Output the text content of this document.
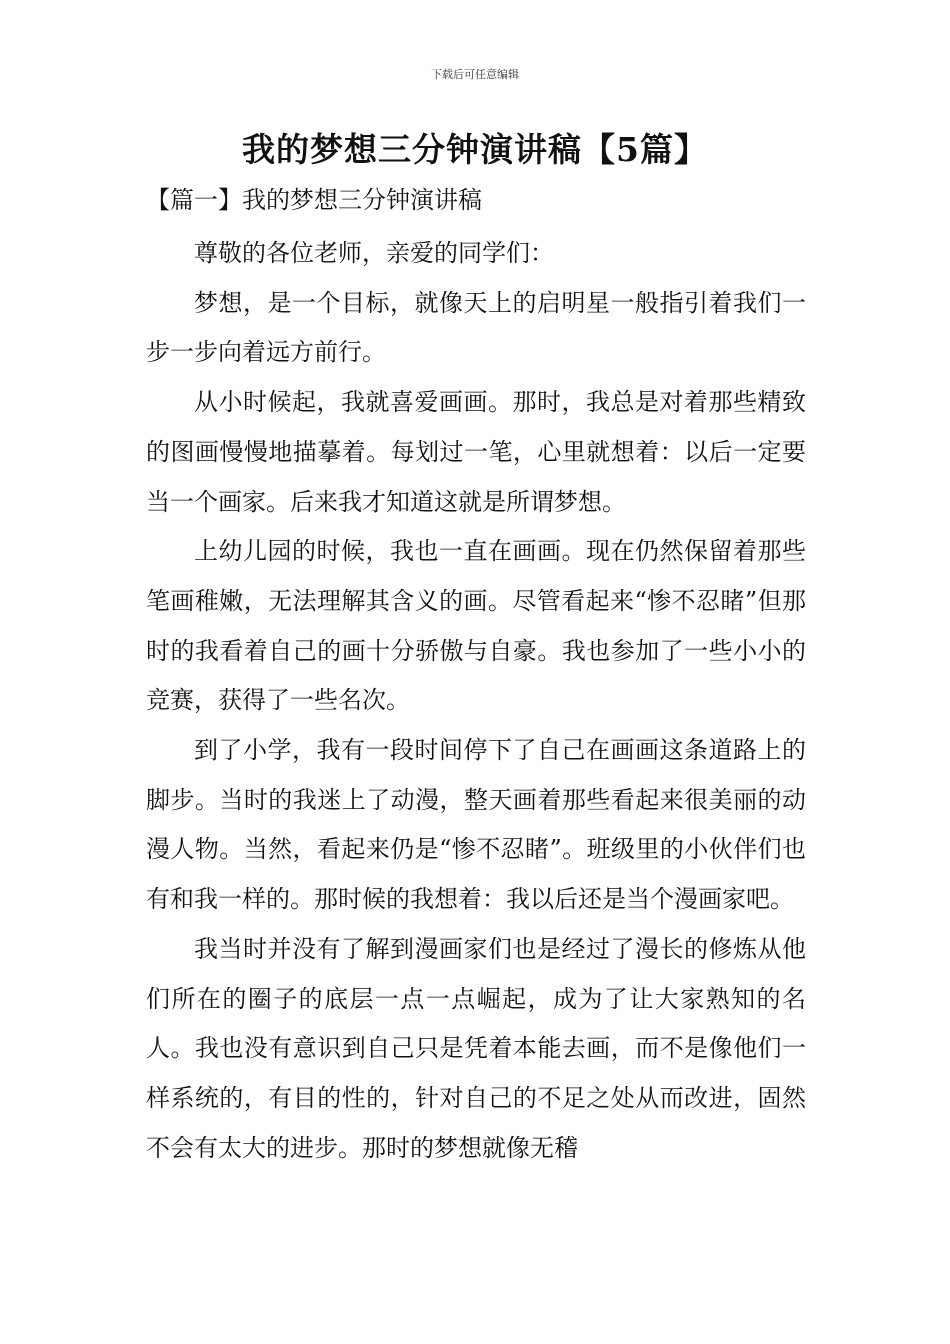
下载后可任意编辑
我的梦想三分钟演讲稿【5篇】
【篇一】我的梦想三分钟演讲稿

尊敬的各位老师，亲爱的同学们：

梦想，是一个目标，就像天上的启明星一般指引着我们一步一步向着远方前行。

从小时候起，我就喜爱画画。那时，我总是对着那些精致的图画慢慢地描摹着。每划过一笔，心里就想着：以后一定要当一个画家。后来我才知道这就是所谓梦想。

上幼儿园的时候，我也一直在画画。现在仍然保留着那些笔画稚嫩，无法理解其含义的画。尽管看起来“惨不忍睹”但那时的我看着自己的画十分骄傲与自豪。我也参加了一些小小的竞赛，获得了一些名次。

到了小学，我有一段时间停下了自己在画画这条道路上的脚步。当时的我迷上了动漫，整天画着那些看起来很美丽的动漫人物。当然，看起来仍是“惨不忍睹”。班级里的小伙伴们也有和我一样的。那时候的我想着：我以后还是当个漫画家吧。

我当时并没有了解到漫画家们也是经过了漫长的修炼从他们所在的圈子的底层一点一点崛起，成为了让大家熟知的名人。我也没有意识到自己只是凭着本能去画，而不是像他们一样系统的，有目的性的，针对自己的不足之处从而改进，固然不会有太大的进步。那时的梦想就像无稽
